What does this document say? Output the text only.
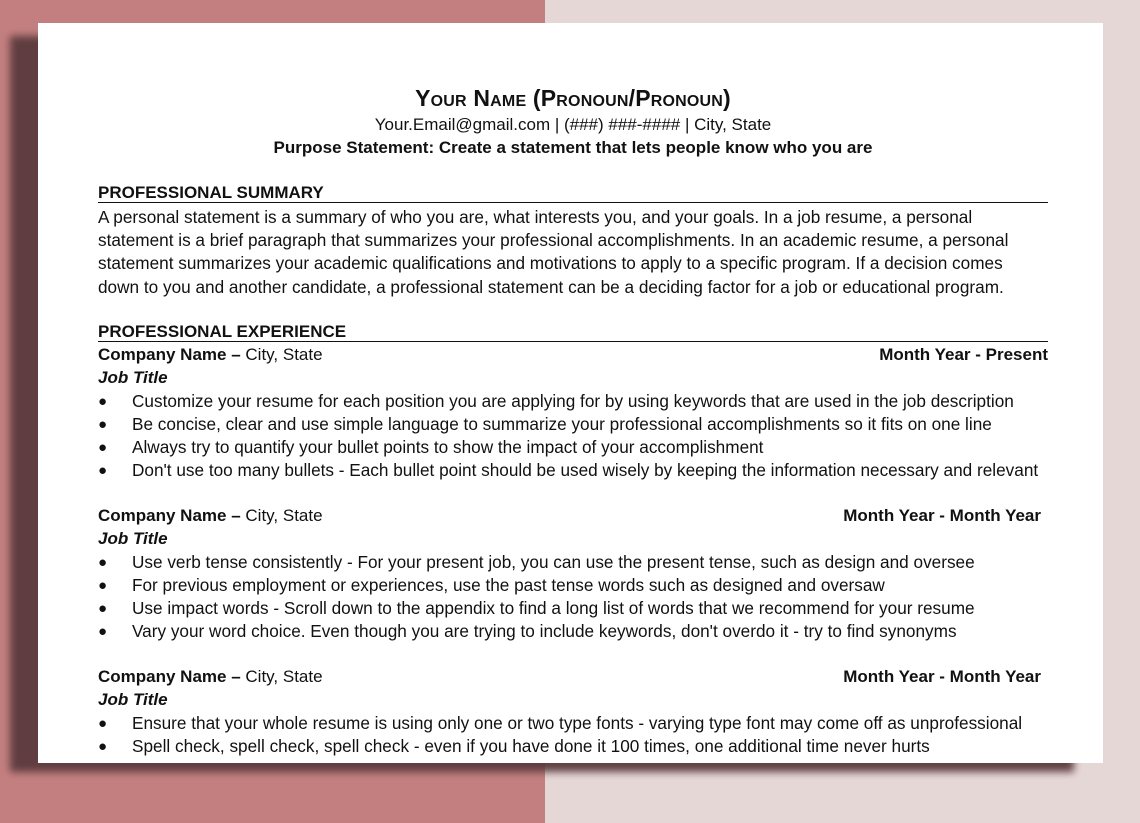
Your Name (Pronoun/Pronoun)
Your.Email@gmail.com | (###) ###-#### | City, State
Purpose Statement: Create a statement that lets people know who you are
PROFESSIONAL SUMMARY
A personal statement is a summary of who you are, what interests you, and your goals. In a job resume, a personal
statement is a brief paragraph that summarizes your professional accomplishments. In an academic resume, a personal
statement summarizes your academic qualifications and motivations to apply to a specific program. If a decision comes
down to you and another candidate, a professional statement can be a deciding factor for a job or educational program.
PROFESSIONAL EXPERIENCE
Company Name – City, State	Month Year - Present
Job Title
● Customize your resume for each position you are applying for by using keywords that are used in the job description
● Be concise, clear and use simple language to summarize your professional accomplishments so it fits on one line
● Always try to quantify your bullet points to show the impact of your accomplishment
● Don't use too many bullets - Each bullet point should be used wisely by keeping the information necessary and relevant
Company Name – City, State	Month Year - Month Year
Job Title
● Use verb tense consistently - For your present job, you can use the present tense, such as design and oversee
● For previous employment or experiences, use the past tense words such as designed and oversaw
● Use impact words - Scroll down to the appendix to find a long list of words that we recommend for your resume
● Vary your word choice. Even though you are trying to include keywords, don't overdo it - try to find synonyms
Company Name – City, State	Month Year - Month Year
Job Title
● Ensure that your whole resume is using only one or two type fonts - varying type font may come off as unprofessional
● Spell check, spell check, spell check - even if you have done it 100 times, one additional time never hurts
